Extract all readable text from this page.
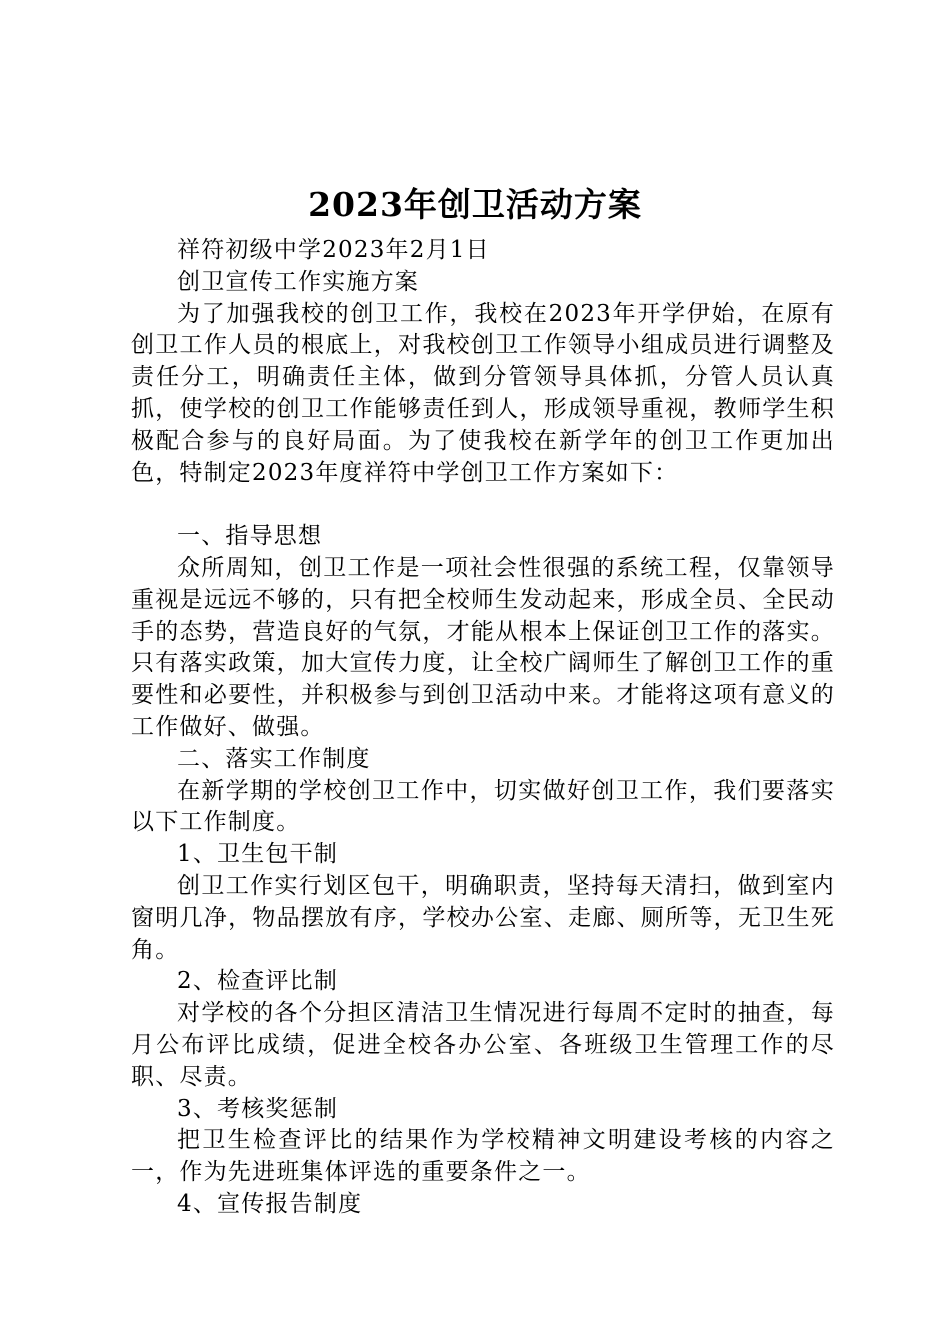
2023年创卫活动方案

祥符初级中学2023年2月1日

创卫宣传工作实施方案

为了加强我校的创卫工作，我校在2023年开学伊始，在原有创卫工作人员的根底上，对我校创卫工作领导小组成员进行调整及责任分工，明确责任主体，做到分管领导具体抓，分管人员认真抓，使学校的创卫工作能够责任到人，形成领导重视，教师学生积极配合参与的良好局面。为了使我校在新学年的创卫工作更加出色，特制定2023年度祥符中学创卫工作方案如下：

一、指导思想

众所周知，创卫工作是一项社会性很强的系统工程，仅靠领导重视是远远不够的，只有把全校师生发动起来，形成全员、全民动手的态势，营造良好的气氛，才能从根本上保证创卫工作的落实。只有落实政策，加大宣传力度，让全校广阔师生了解创卫工作的重要性和必要性，并积极参与到创卫活动中来。才能将这项有意义的工作做好、做强。

二、落实工作制度

在新学期的学校创卫工作中，切实做好创卫工作，我们要落实以下工作制度。

1、卫生包干制

创卫工作实行划区包干，明确职责，坚持每天清扫，做到室内窗明几净，物品摆放有序，学校办公室、走廊、厕所等，无卫生死角。

2、检查评比制

对学校的各个分担区清洁卫生情况进行每周不定时的抽查，每月公布评比成绩，促进全校各办公室、各班级卫生管理工作的尽职、尽责。

3、考核奖惩制

把卫生检查评比的结果作为学校精神文明建设考核的内容之一，作为先进班集体评选的重要条件之一。

4、宣传报告制度
